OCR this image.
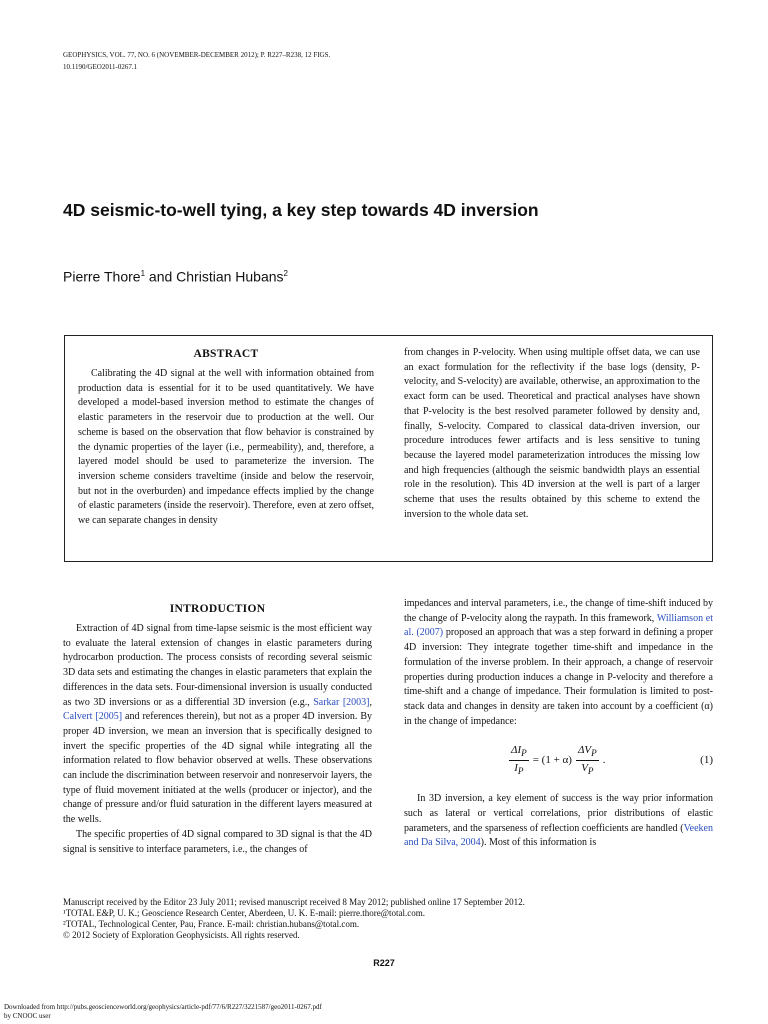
GEOPHYSICS, VOL. 77, NO. 6 (NOVEMBER-DECEMBER 2012); P. R227–R238, 12 FIGS.
10.1190/GEO2011-0267.1
4D seismic-to-well tying, a key step towards 4D inversion
Pierre Thore$^1$ and Christian Hubans$^2$
ABSTRACT

Calibrating the 4D signal at the well with information obtained from production data is essential for it to be used quantitatively. We have developed a model-based inversion method to estimate the changes of elastic parameters in the reservoir due to production at the well. Our scheme is based on the observation that flow behavior is constrained by the dynamic properties of the layer (i.e., permeability), and, therefore, a layered model should be used to parameterize the inversion. The inversion scheme considers traveltime (inside and below the reservoir, but not in the overburden) and impedance effects implied by the change of elastic parameters (inside the reservoir). Therefore, even at zero offset, we can separate changes in density

from changes in P-velocity. When using multiple offset data, we can use an exact formulation for the reflectivity if the base logs (density, P-velocity, and S-velocity) are available, otherwise, an approximation to the exact form can be used. Theoretical and practical analyses have shown that P-velocity is the best resolved parameter followed by density and, finally, S-velocity. Compared to classical data-driven inversion, our procedure introduces fewer artifacts and is less sensitive to tuning because the layered model parameterization introduces the missing low and high frequencies (although the seismic bandwidth plays an essential role in the resolution). This 4D inversion at the well is part of a larger scheme that uses the results obtained by this scheme to extend the inversion to the whole data set.

INTRODUCTION

Extraction of 4D signal from time-lapse seismic is the most efficient way to evaluate the lateral extension of changes in elastic parameters during hydrocarbon production. The process consists of recording several seismic 3D data sets and estimating the changes in elastic parameters that explain the differences in the data sets. Four-dimensional inversion is usually conducted as two 3D inversions or as a differential 3D inversion (e.g., Sarkar [2003], Calvert [2005] and references therein), but not as a proper 4D inversion. By proper 4D inversion, we mean an inversion that is specifically designed to invert the specific properties of the 4D signal while integrating all the information related to flow behavior observed at wells. These observations can include the discrimination between reservoir and nonreservoir layers, the type of fluid movement initiated at the wells (producer or injector), and the change of pressure and/or fluid saturation in the different layers measured at the wells.

The specific properties of 4D signal compared to 3D signal is that the 4D signal is sensitive to interface parameters, i.e., the changes of

impedances and interval parameters, i.e., the change of time-shift induced by the change of P-velocity along the raypath. In this framework, Williamson et al. (2007) proposed an approach that was a step forward in defining a proper 4D inversion: They integrate together time-shift and impedance in the formulation of the inverse problem. In their approach, a change of reservoir properties during production induces a change in P-velocity and therefore a time-shift and a change of impedance. Their formulation is limited to post-stack data and changes in density are taken into account by a coefficient (α) in the change of impedance:

$\frac{\Delta I_P}{I_P} = (1 + \alpha) \frac{\Delta V_P}{V_P}$ .	(1)

In 3D inversion, a key element of success is the way prior information such as lateral or vertical correlations, prior distributions of elastic parameters, and the sparseness of reflection coefficients are handled (Veeken and Da Silva, 2004). Most of this information is

Manuscript received by the Editor 23 July 2011; revised manuscript received 8 May 2012; published online 17 September 2012.
¹TOTAL E&P, U. K.; Geoscience Research Center, Aberdeen, U. K. E-mail: pierre.thore@total.com.
²TOTAL, Technological Center, Pau, France. E-mail: christian.hubans@total.com.
© 2012 Society of Exploration Geophysicists. All rights reserved.
R227
Downloaded from http://pubs.geoscienceworld.org/geophysics/article-pdf/77/6/R227/3221587/geo2011-0267.pdf
by CNOOC user
